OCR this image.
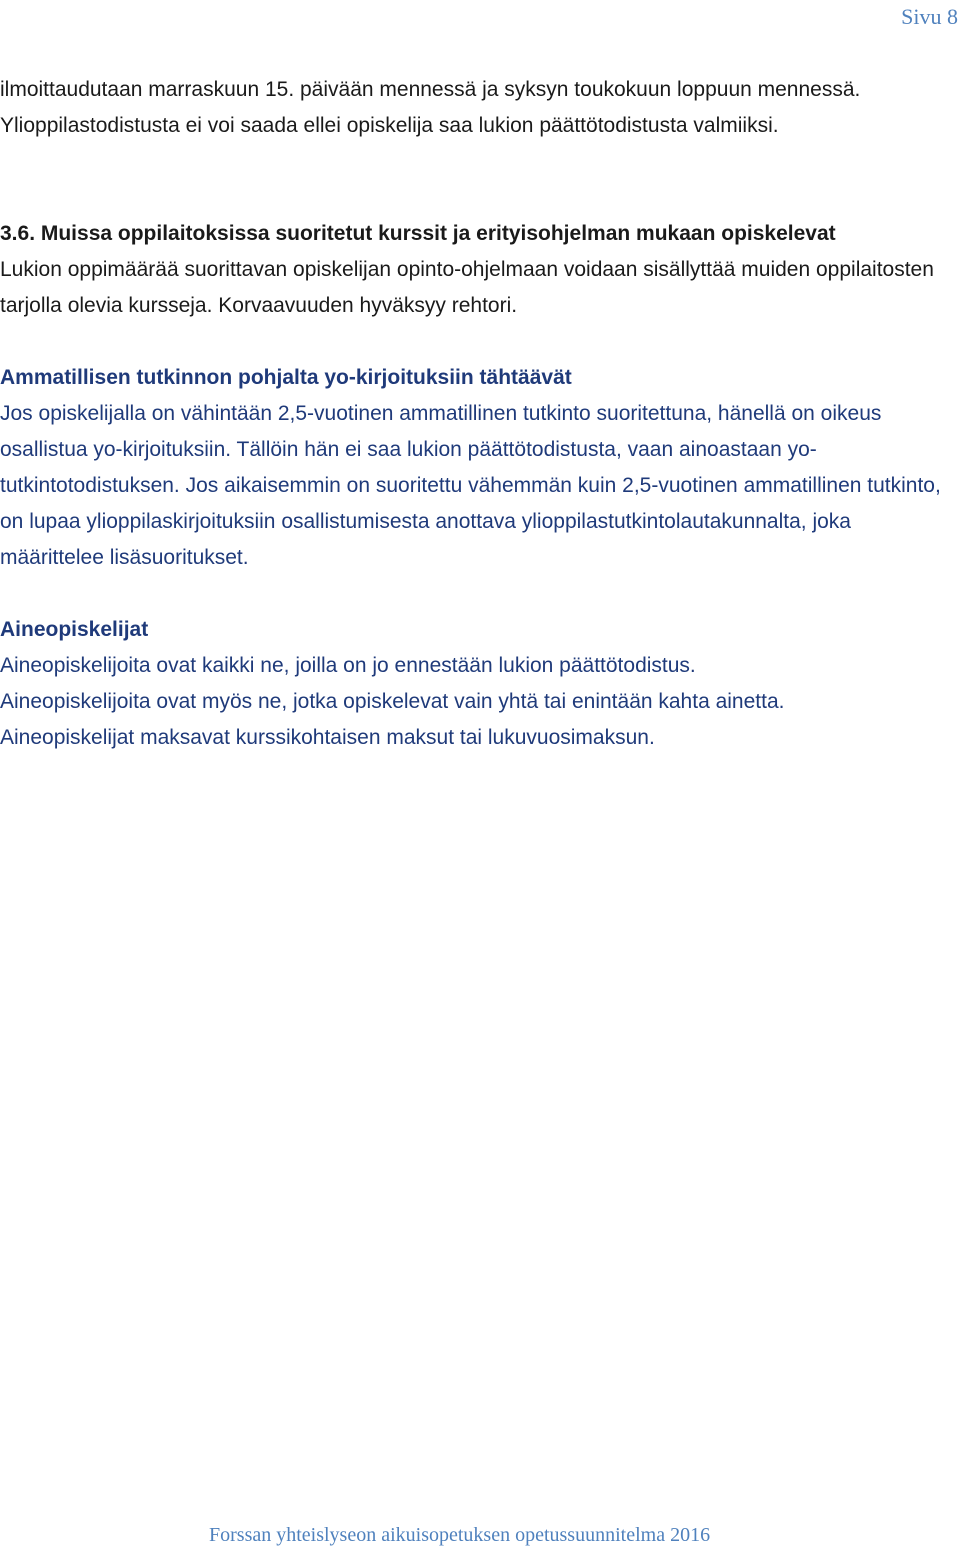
Sivu 8

ilmoittaudutaan marraskuun 15. päivään mennessä ja syksyn toukokuun loppuun mennessä.

Ylioppilastodistusta ei voi saada ellei opiskelija saa lukion päättötodistusta valmiiksi.

3.6. Muissa oppilaitoksissa suoritetut kurssit ja erityisohjelman mukaan opiskelevat

Lukion oppimäärää suorittavan opiskelijan opinto-ohjelmaan voidaan sisällyttää muiden oppilaitosten tarjolla olevia kursseja. Korvaavuuden hyväksyy rehtori.

Ammatillisen tutkinnon pohjalta yo-kirjoituksiin tähtäävät

Jos opiskelijalla on vähintään 2,5-vuotinen ammatillinen tutkinto suoritettuna, hänellä on oikeus osallistua yo-kirjoituksiin. Tällöin hän ei saa lukion päättötodistusta, vaan ainoastaan yo-tutkintotodistuksen. Jos aikaisemmin on suoritettu vähemmän kuin 2,5-vuotinen ammatillinen tutkinto, on lupaa ylioppilaskirjoituksiin osallistumisesta anottava ylioppilastutkintolautakunnalta, joka määrittelee lisäsuoritukset.

Aineopiskelijat

Aineopiskelijoita ovat kaikki ne, joilla on jo ennestään lukion päättötodistus.

Aineopiskelijoita ovat myös ne, jotka opiskelevat vain yhtä tai enintään kahta ainetta.

Aineopiskelijat maksavat kurssikohtaisen maksut tai lukuvuosimaksun.

Forssan yhteislyseon aikuisopetuksen opetussuunnitelma 2016
